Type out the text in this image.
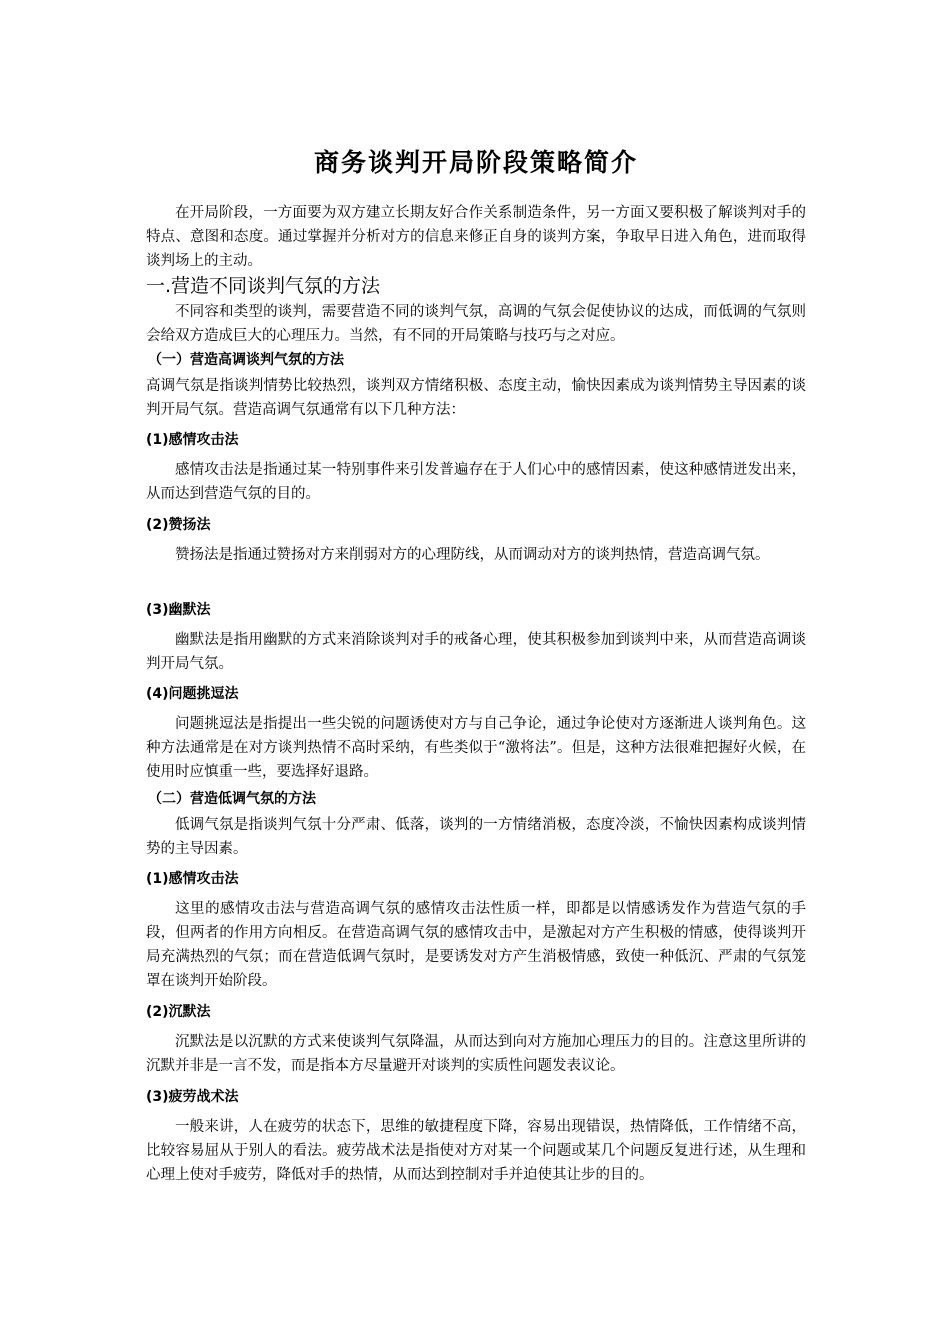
商务谈判开局阶段策略简介

在开局阶段，一方面要为双方建立长期友好合作关系制造条件，另一方面又要积极了解谈判对手的特点、意图和态度。通过掌握并分析对方的信息来修正自身的谈判方案，争取早日进入角色，进而取得谈判场上的主动。

一.营造不同谈判气氛的方法

不同容和类型的谈判，需要营造不同的谈判气氛，高调的气氛会促使协议的达成，而低调的气氛则会给双方造成巨大的心理压力。当然，有不同的开局策略与技巧与之对应。

（一）营造高调谈判气氛的方法

高调气氛是指谈判情势比较热烈，谈判双方情绪积极、态度主动，愉快因素成为谈判情势主导因素的谈判开局气氛。营造高调气氛通常有以下几种方法：

(1)感情攻击法

感情攻击法是指通过某一特别事件来引发普遍存在于人们心中的感情因素，使这种感情迸发出来，从而达到营造气氛的目的。

(2)赞扬法

赞扬法是指通过赞扬对方来削弱对方的心理防线，从而调动对方的谈判热情，营造高调气氛。

(3)幽默法

幽默法是指用幽默的方式来消除谈判对手的戒备心理，使其积极参加到谈判中来，从而营造高调谈判开局气氛。

(4)问题挑逗法

问题挑逗法是指提出一些尖锐的问题诱使对方与自己争论，通过争论使对方逐渐进人谈判角色。这种方法通常是在对方谈判热情不高时采纳，有些类似于“激将法”。但是，这种方法很难把握好火候，在使用时应慎重一些，要选择好退路。

（二）营造低调气氛的方法

低调气氛是指谈判气氛十分严肃、低落，谈判的一方情绪消极，态度冷淡，不愉快因素构成谈判情势的主导因素。

(1)感情攻击法

这里的感情攻击法与营造高调气氛的感情攻击法性质一样，即都是以情感诱发作为营造气氛的手段，但两者的作用方向相反。在营造高调气氛的感情攻击中，是激起对方产生积极的情感，使得谈判开局充满热烈的气氛；而在营造低调气氛时，是要诱发对方产生消极情感，致使一种低沉、严肃的气氛笼罩在谈判开始阶段。

(2)沉默法

沉默法是以沉默的方式来使谈判气氛降温，从而达到向对方施加心理压力的目的。注意这里所讲的沉默并非是一言不发，而是指本方尽量避开对谈判的实质性问题发表议论。

(3)疲劳战术法

一般来讲，人在疲劳的状态下，思维的敏捷程度下降，容易出现错误，热情降低，工作情绪不高，比较容易屈从于别人的看法。疲劳战术法是指使对方对某一个问题或某几个问题反复进行述，从生理和心理上使对手疲劳，降低对手的热情，从而达到控制对手并迫使其让步的目的。
